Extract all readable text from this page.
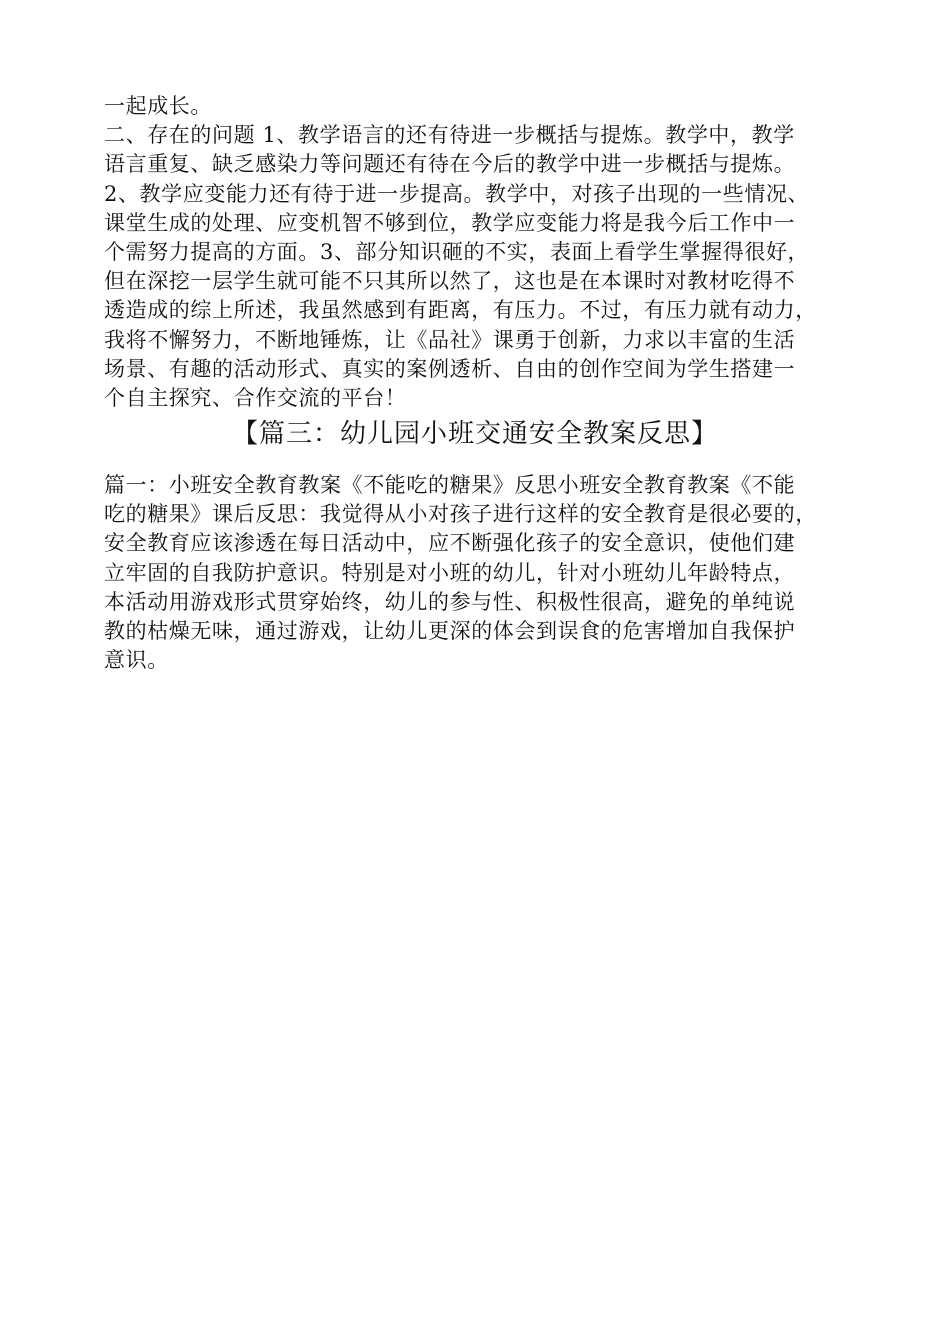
一起成长。
二、存在的问题 1、教学语言的还有待进一步概括与提炼。教学中，教学
语言重复、缺乏感染力等问题还有待在今后的教学中进一步概括与提炼。
2、教学应变能力还有待于进一步提高。教学中，对孩子出现的一些情况、
课堂生成的处理、应变机智不够到位，教学应变能力将是我今后工作中一
个需努力提高的方面。3、部分知识砸的不实，表面上看学生掌握得很好，
但在深挖一层学生就可能不只其所以然了，这也是在本课时对教材吃得不
透造成的综上所述，我虽然感到有距离，有压力。不过，有压力就有动力，
我将不懈努力，不断地锤炼，让《品社》课勇于创新，力求以丰富的生活
场景、有趣的活动形式、真实的案例透析、自由的创作空间为学生搭建一
个自主探究、合作交流的平台！
【篇三：幼儿园小班交通安全教案反思】
篇一：小班安全教育教案《不能吃的糖果》反思小班安全教育教案《不能
吃的糖果》课后反思：我觉得从小对孩子进行这样的安全教育是很必要的，
安全教育应该渗透在每日活动中，应不断强化孩子的安全意识，使他们建
立牢固的自我防护意识。特别是对小班的幼儿，针对小班幼儿年龄特点，
本活动用游戏形式贯穿始终，幼儿的参与性、积极性很高，避免的单纯说
教的枯燥无味，通过游戏，让幼儿更深的体会到误食的危害增加自我保护
意识。
